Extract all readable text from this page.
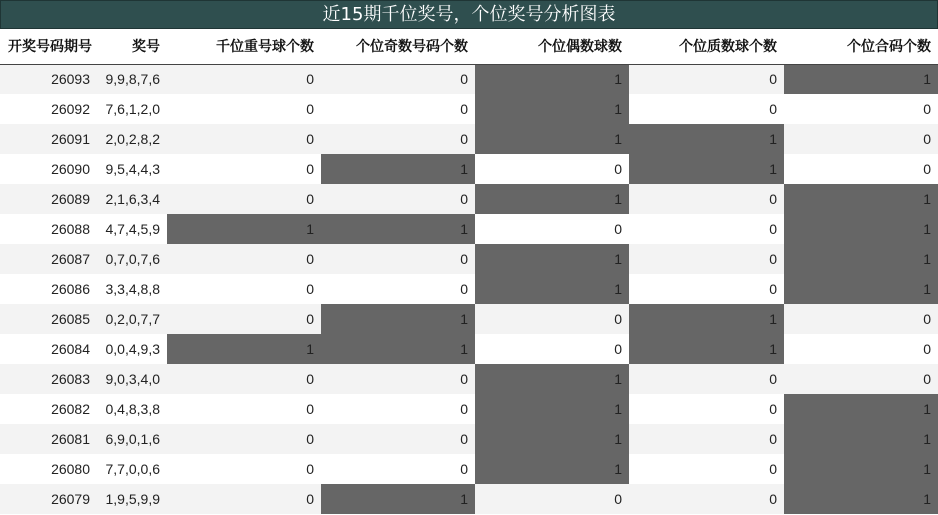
近15期千位奖号，个位奖号分析图表
开奖号码期号	奖号	千位重号球个数	个位奇数号码个数	个位偶数球数	个位质数球个数	个位合码个数
26093	9,9,8,7,6	0	0	1	0	1
26092	7,6,1,2,0	0	0	1	0	0
26091	2,0,2,8,2	0	0	1	1	0
26090	9,5,4,4,3	0	1	0	1	0
26089	2,1,6,3,4	0	0	1	0	1
26088	4,7,4,5,9	1	1	0	0	1
26087	0,7,0,7,6	0	0	1	0	1
26086	3,3,4,8,8	0	0	1	0	1
26085	0,2,0,7,7	0	1	0	1	0
26084	0,0,4,9,3	1	1	0	1	0
26083	9,0,3,4,0	0	0	1	0	0
26082	0,4,8,3,8	0	0	1	0	1
26081	6,9,0,1,6	0	0	1	0	1
26080	7,7,0,0,6	0	0	1	0	1
26079	1,9,5,9,9	0	1	0	0	1
